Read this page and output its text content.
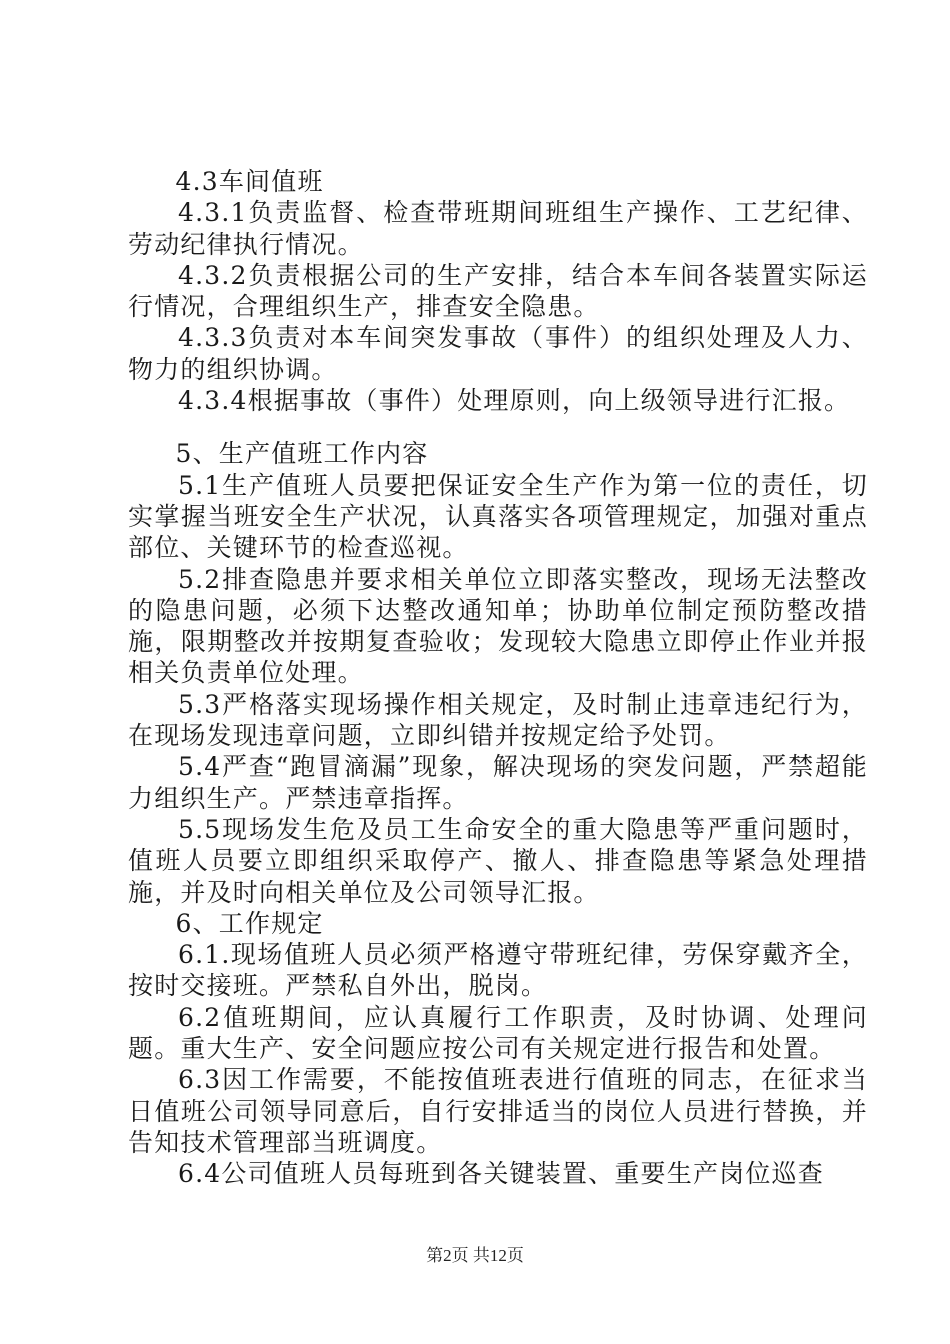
4.3车间值班

4.3.1负责监督、检查带班期间班组生产操作、工艺纪律、劳动纪律执行情况。

4.3.2负责根据公司的生产安排，结合本车间各装置实际运行情况，合理组织生产，排查安全隐患。

4.3.3负责对本车间突发事故（事件）的组织处理及人力、物力的组织协调。

4.3.4根据事故（事件）处理原则，向上级领导进行汇报。

5、生产值班工作内容

5.1生产值班人员要把保证安全生产作为第一位的责任，切实掌握当班安全生产状况，认真落实各项管理规定，加强对重点部位、关键环节的检查巡视。

5.2排查隐患并要求相关单位立即落实整改，现场无法整改的隐患问题，必须下达整改通知单；协助单位制定预防整改措施，限期整改并按期复查验收；发现较大隐患立即停止作业并报相关负责单位处理。

5.3严格落实现场操作相关规定，及时制止违章违纪行为，在现场发现违章问题，立即纠错并按规定给予处罚。

5.4严查“跑冒滴漏”现象，解决现场的突发问题，严禁超能力组织生产。严禁违章指挥。

5.5现场发生危及员工生命安全的重大隐患等严重问题时，值班人员要立即组织采取停产、撤人、排查隐患等紧急处理措施，并及时向相关单位及公司领导汇报。

6、工作规定

6.1.现场值班人员必须严格遵守带班纪律，劳保穿戴齐全，按时交接班。严禁私自外出，脱岗。

6.2值班期间，应认真履行工作职责，及时协调、处理问题。重大生产、安全问题应按公司有关规定进行报告和处置。

6.3因工作需要，不能按值班表进行值班的同志，在征求当日值班公司领导同意后，自行安排适当的岗位人员进行替换，并告知技术管理部当班调度。

6.4公司值班人员每班到各关键装置、重要生产岗位巡查

第2页 共12页
